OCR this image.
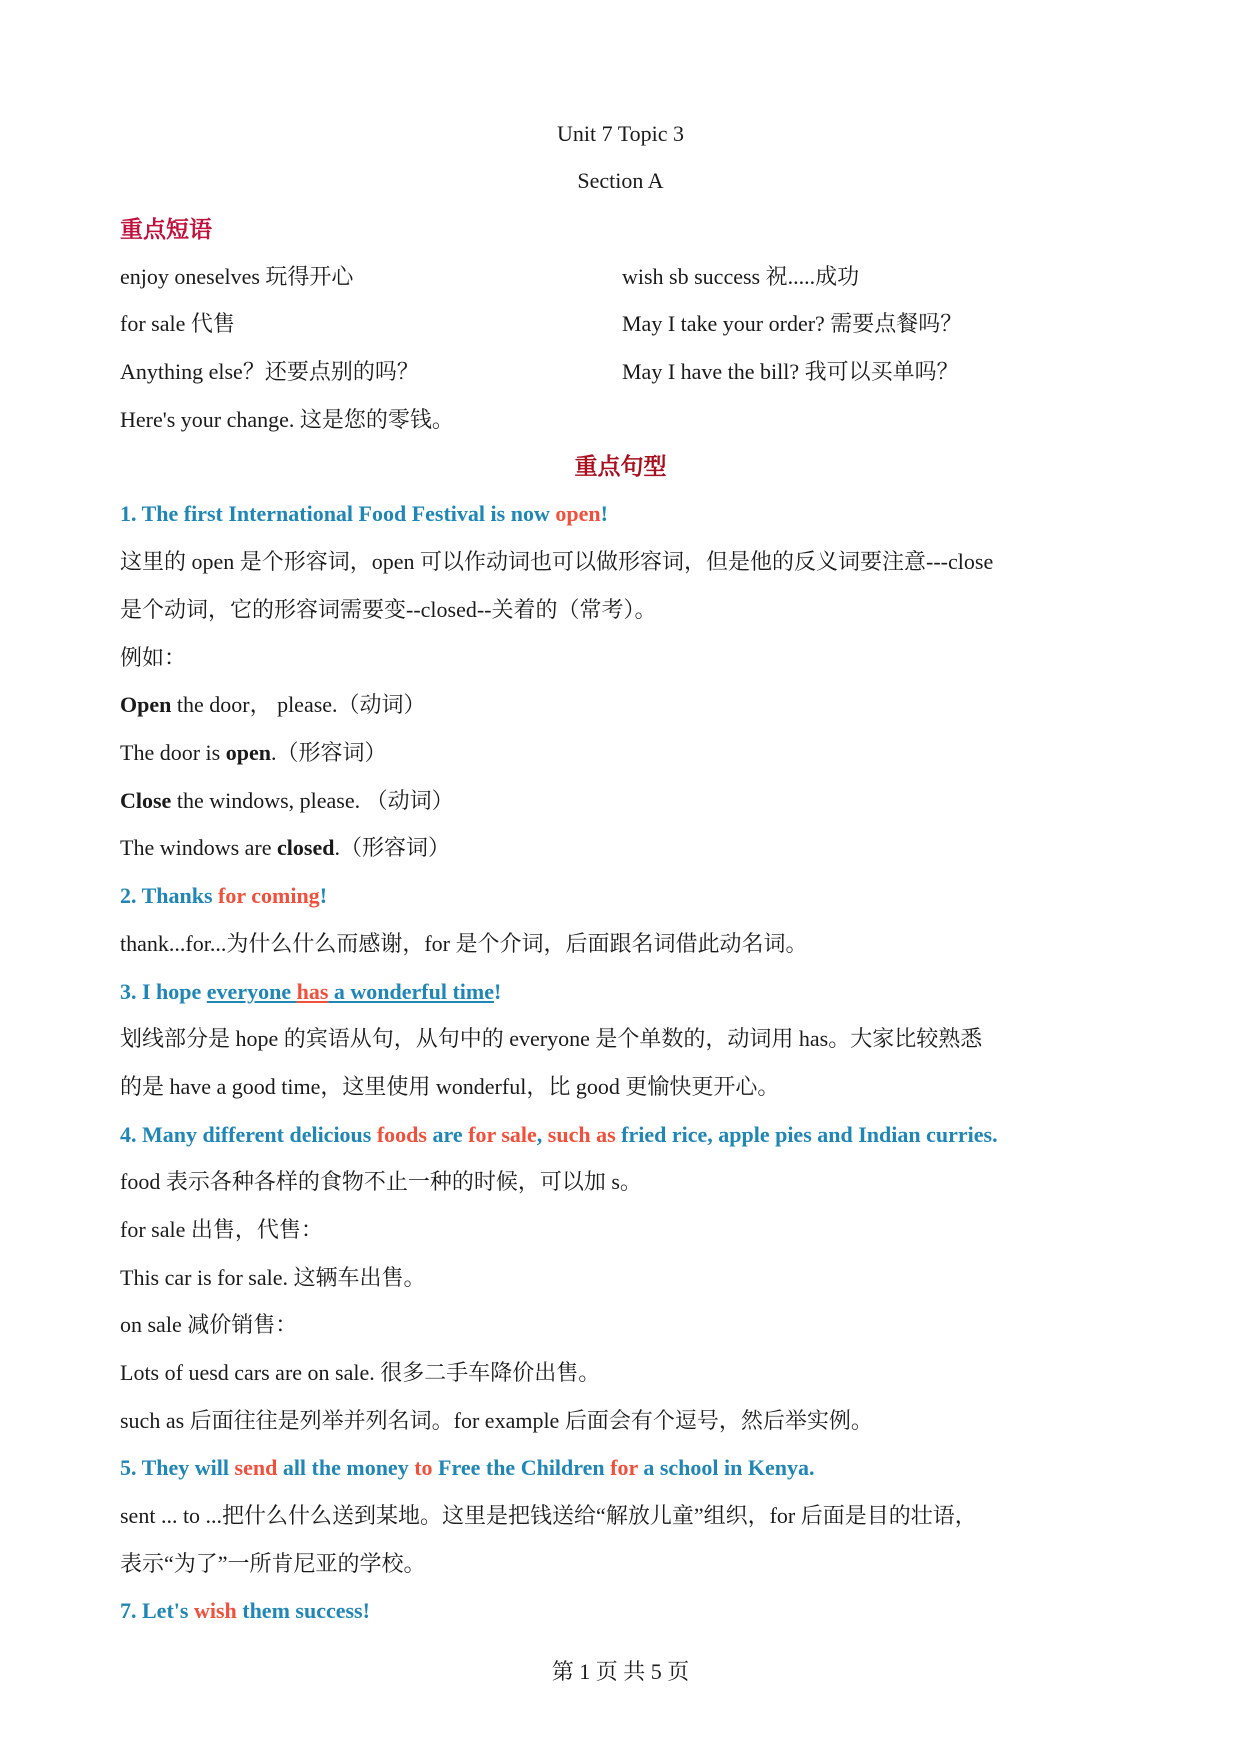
Unit 7 Topic 3
Section A
重点短语
enjoy oneselves 玩得开心	wish sb success 祝.....成功
for sale 代售	May I take your order? 需要点餐吗？
Anything else？还要点别的吗？	May I have the bill? 我可以买单吗？
Here's your change. 这是您的零钱。
重点句型
1. The first International Food Festival is now open!
这里的 open 是个形容词，open 可以作动词也可以做形容词，但是他的反义词要注意---close
是个动词，它的形容词需要变--closed--关着的（常考）。
例如：
Open the door， please.（动词）
The door is open.（形容词）
Close the windows, please. （动词）
The windows are closed.（形容词）
2. Thanks for coming!
thank...for...为什么什么而感谢，for 是个介词，后面跟名词借此动名词。
3. I hope everyone has a wonderful time!
划线部分是 hope 的宾语从句，从句中的 everyone 是个单数的，动词用 has。大家比较熟悉
的是 have a good time，这里使用 wonderful，比 good 更愉快更开心。
4. Many different delicious foods are for sale, such as fried rice, apple pies and Indian curries.
food 表示各种各样的食物不止一种的时候，可以加 s。
for sale 出售，代售：
This car is for sale. 这辆车出售。
on sale 减价销售：
Lots of uesd cars are on sale. 很多二手车降价出售。
such as 后面往往是列举并列名词。for example 后面会有个逗号，然后举实例。
5. They will send all the money to Free the Children for a school in Kenya.
sent ... to ...把什么什么送到某地。这里是把钱送给“解放儿童”组织，for 后面是目的壮语，
表示“为了”一所肯尼亚的学校。
7. Let's wish them success!
第 1 页 共 5 页
